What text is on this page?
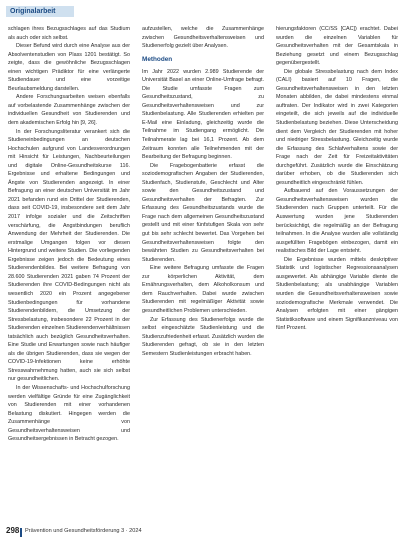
Originalarbeit

schlagen ihres Bezugsschlages auf das Studium als auch oder sich selbst.

Dieser Befund wird durch eine Analyse aus der Absolventenstudien von Plass 1201 bestätigt. So zeigte, dass die gewöhnliche Bezugsschlagen einen wichtigen Prädiktor für eine verlängerte Studiendauer und eine vorzeitige Beurlaubsmeldung darstellen.

Andere Forschungsarbeiten weisen ebenfalls auf vorbelastende Zusammenhänge zwischen der individuellen Gesundheit von Studierenden und dem akademischen Erfolg hin [9, 26].

In der Forschungsliteratur verankert sich die Studieneinbedingungen an deutschen Hochschulen aufgrund von Landesverordnungen mit Hinsicht für Leistungen, Nachbeurteilungen und digitale Online-Gesundheitskurse 116. Ergebnisse und erhaltene Bedingungen und Ängste von Studierenden angezeigt. In einer Befragung an einer deutschen Universität im Jahr 2021 befanden rund ein Drittel der Studierenden, dass seit COVID-19, insbesondere seit dem Jahr 2017 infolge sozialer und die Zeitschriften verschärfung, die Angstbindungen beruflich Anwendung der Mehrheit der Studierenden. Die erstmalige Umgangen folgen vor diesen Hintergrund und weitere Studien. Die vorliegenden Ergebnisse zeigen jedoch die Bedeutung eines Studierendenbildes. Bei weitere Befragung von 28.600 Studierenden 2021 gaben 74 Prozent der Studierenden ihre COVID-Bedingungen nicht als wesentlich 2020 ein Prozent angegebener Studienbedingungen für vorhandene Studierendenbildern, die Umsetzung der Stressbelastung, insbesondere 22 Prozent in der Studierenden einzelnen Studierendenverhältnissen tatsächlich auch bezüglich Gesundheitsverhalten. Eine Studie und Erwartungen sowie nach häufiger als die übrigen Studierenden, dass sie wegen der COVID-19-Infektionen keine erhöhte Stresswahrnehmung hatten, auch sie sich selbst nur gesundheitlichen.

In der Wissenschafts- und Hochschulforschung werden vielfältige Gründe für eine Zugänglichkeit von Studierenden mit einer vorhandenen Belastung diskutiert. Hingegen werden die Zusammenhänge von Gesundheitsverhaltensweisen und Gesundheitsergebnissen in Betracht gezogen.

aufzustellen, welche die Zusammenhänge zwischen Gesundheitsverhaltensweisen und Studienerfolg gezielt über Analysen.

Methoden

Im Jahr 2022 wurden 2.989 Studierende der Universität Basel an einer Online-Umfrage befragt. Die Studie umfasste Fragen zum Gesundheitszustand, zu Gesundheitsverhaltensweisen und zur Studienbelastung. Alle Studierenden erhielten per E-Mail eine Einladung, gleichzeitig wurde die Teilnahme im Studiengang ermöglicht. Die Teilnahmerate lag bei 16,1 Prozent. Ab dem Zeitraum konnten alle Teilnehmenden mit der Bearbeitung der Befragung beginnen.

Die Fragebogenbatterie erfasst die soziodemografischen Angaben der Studierenden, Studienfach, Studienstufe, Geschlecht und Alter sowie den Gesundheitszustand und Gesundheitsverhalten der Befragten. Zur Erfassung des Gesundheitszustands wurde die Frage nach dem allgemeinen Gesundheitszustand gestellt und mit einer fünfstufigen Skala von sehr gut bis sehr schlecht bewertet. Das Vorgehen bei Gesundheitsverhaltensweisen folgte den bewährten Studien zu Gesundheitsverhalten bei Studierenden.

Eine weitere Befragung umfasste die Fragen zur körperlichen Aktivität, dem Ernährungsverhalten, dem Alkoholkonsum und dem Rauchverhalten. Dabei wurde zwischen Studierenden mit regelmäßiger Aktivität sowie gesundheitlichen Problemen unterschieden.

Zur Erfassung des Studienerfolgs wurde die selbst eingeschätzte Studienleistung und die Studienzufriedenheit erfasst. Zusätzlich wurden die Studierenden gefragt, ob sie in den letzten Semestern Studienleistungen erbracht haben.

hierungsfaktoren (CC/SS [CAC]) erachtet. Dabei wurden die einzelnen Variablen für Gesundheitsverhalten mit der Gesamtskala in Beziehung gesetzt und einem Bezugsschlag gegenübergestellt.

Die globale Stressbelastung nach dem Index (CALI) basiert auf 10 Fragen, die Gesundheitsverhaltensweisen in den letzten Monaten abbilden, die dabei mindestens einmal auftraten. Der Indikator wird in zwei Kategorien eingeteilt, die sich jeweils auf die individuelle Studienbelastung beziehen. Diese Unterscheidung dient dem Vergleich der Studierenden mit hoher und niedriger Stressbelastung. Gleichzeitig wurde die Erfassung des Schlafverhaltens sowie der Frage nach der Zeit für Freizeitaktivitäten durchgeführt. Zusätzlich wurde die Einschätzung darüber erhoben, ob die Studierenden sich gesundheitlich eingeschränkt fühlen.

Aufbauend auf den Voraussetzungen der Gesundheitsverhaltensweisen wurden die Studierenden nach Gruppen unterteilt. Für die Auswertung wurden jene Studierenden berücksichtigt, die regelmäßig an der Befragung teilnahmen. In die Analyse wurden alle vollständig ausgefüllten Fragebögen einbezogen, damit ein realistisches Bild der Lage entsteht.

Die Ergebnisse wurden mittels deskriptiver Statistik und logistischer Regressionsanalysen ausgewertet. Als abhängige Variable diente die Studienbelastung; als unabhängige Variablen wurden die Gesundheitsverhaltensweisen sowie soziodemografische Merkmale verwendet. Die Analysen erfolgten mit einer gängigen Statistiksoftware und einem Signifikanzniveau von fünf Prozent.

298 Prävention und Gesundheitsförderung 3 · 2024
